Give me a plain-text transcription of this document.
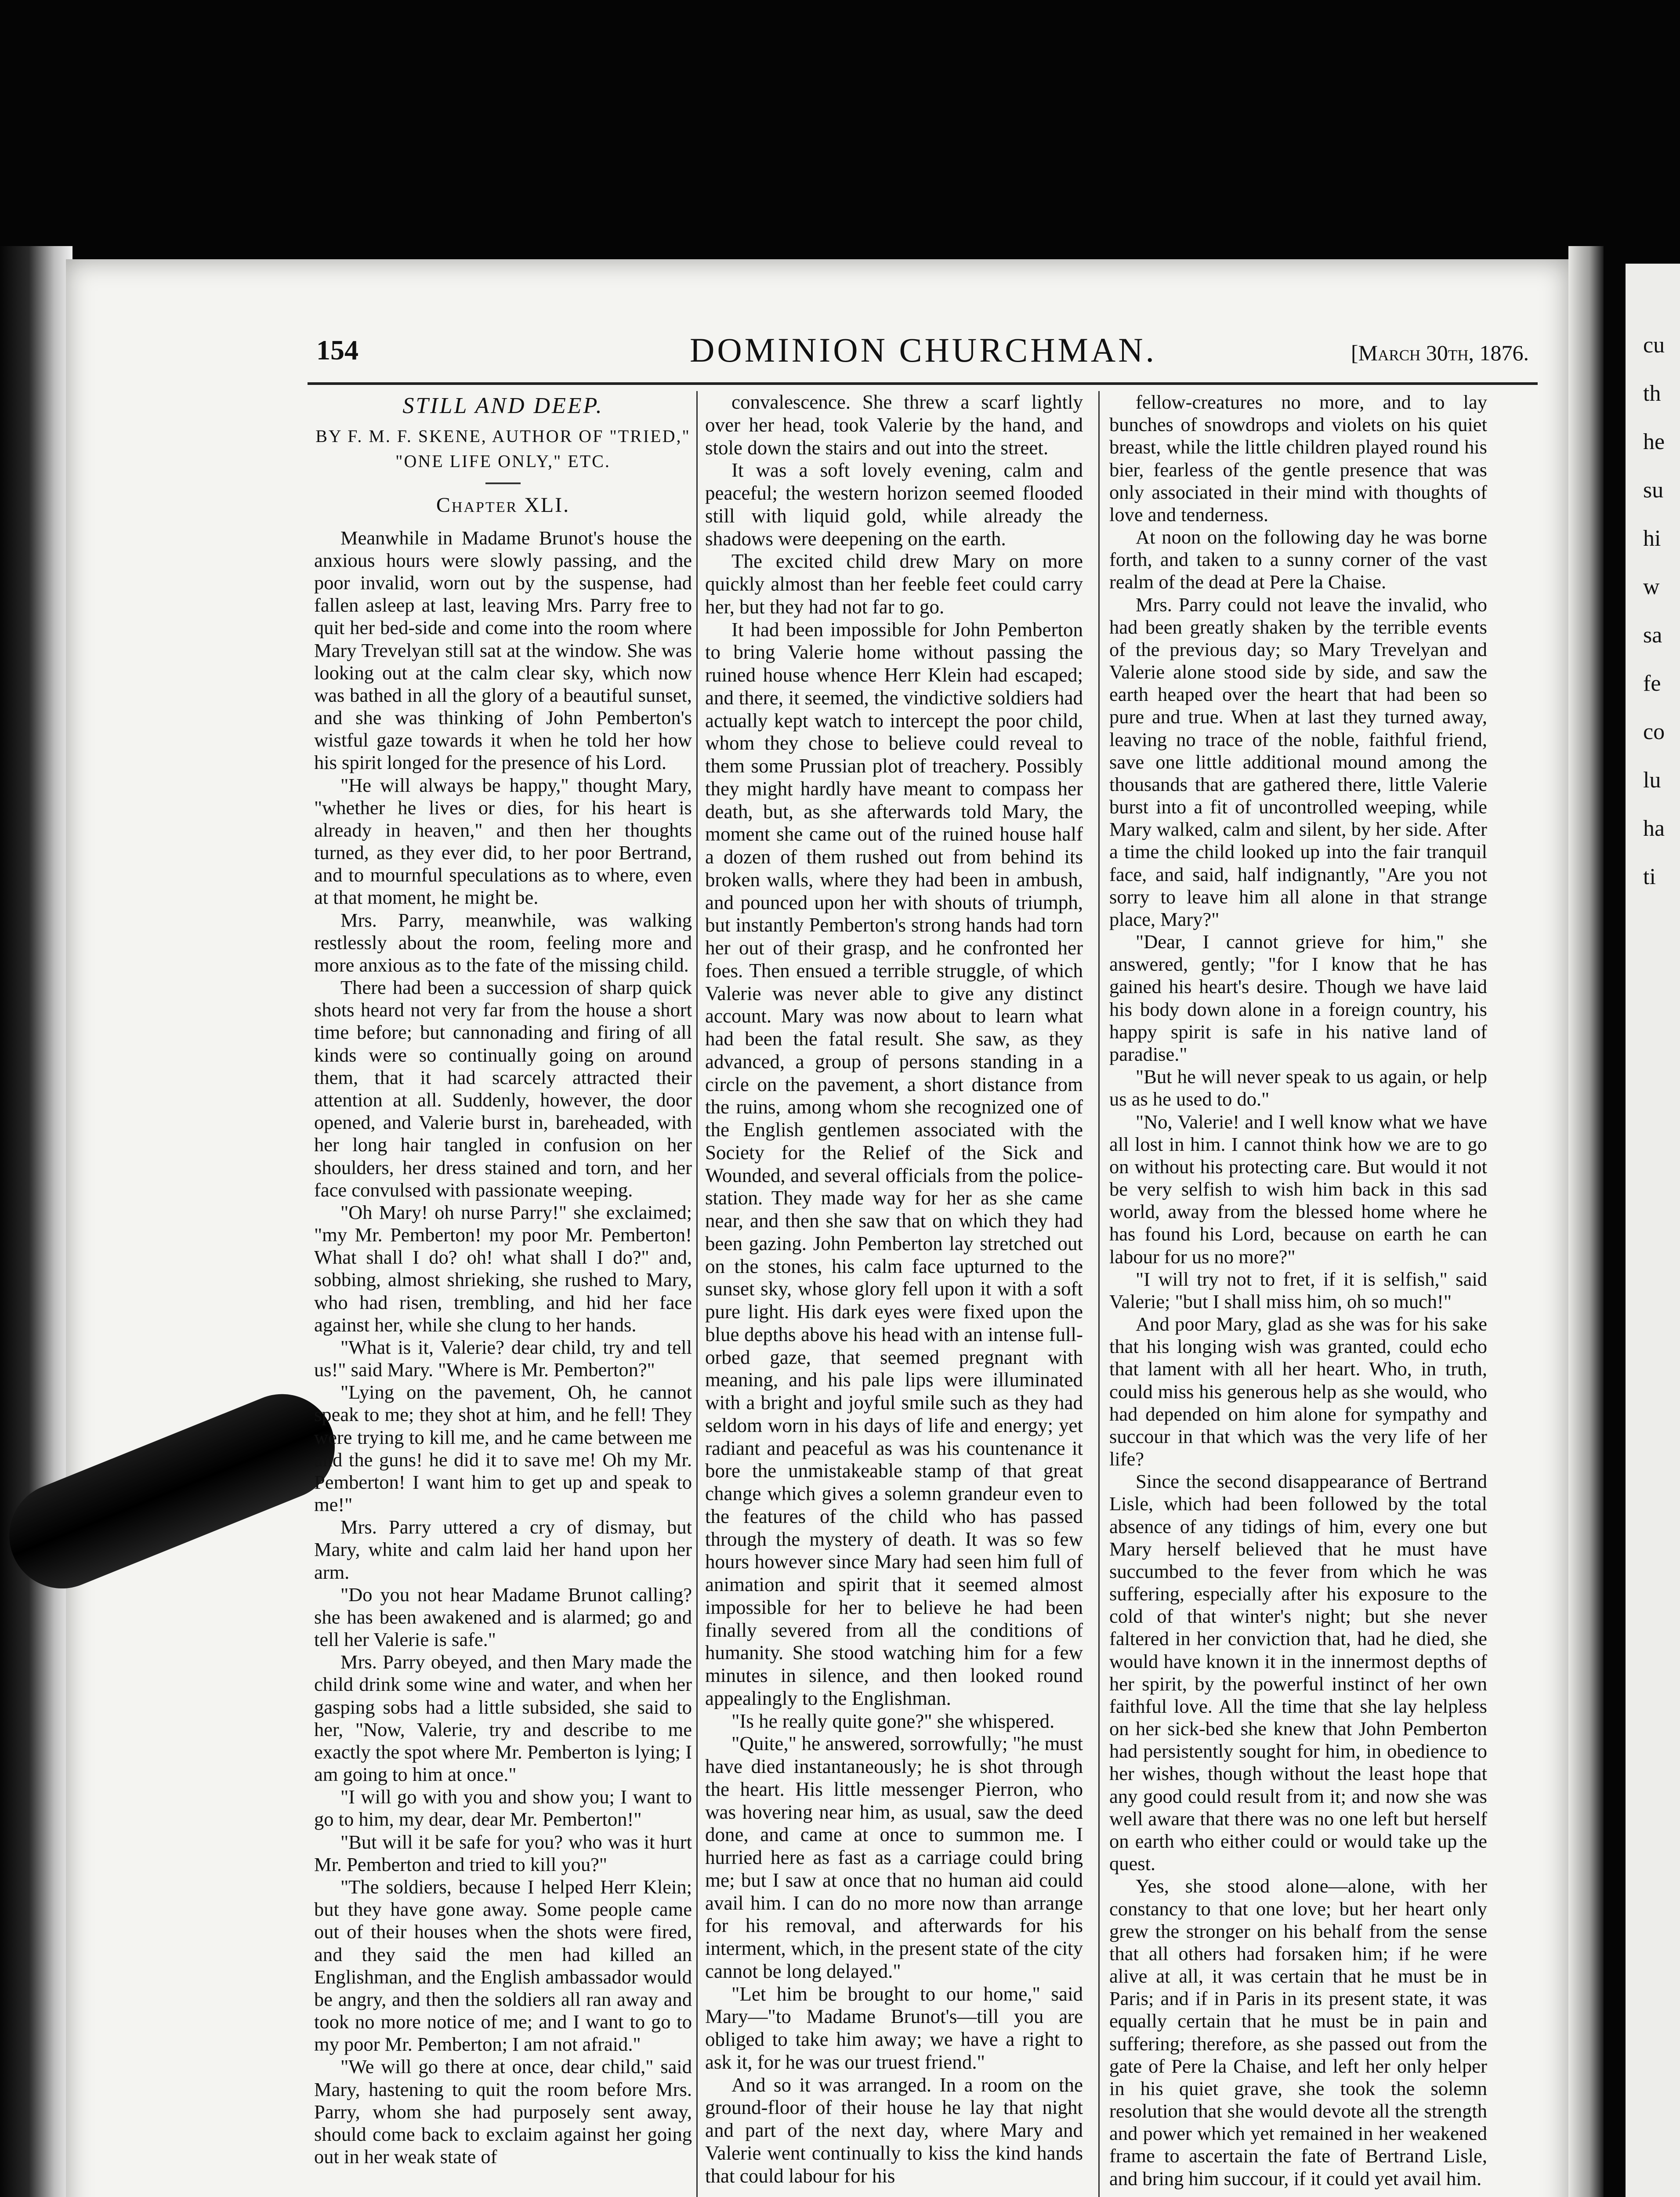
cu
th
he
su
hi
w
sa
fe
co
lu
ha
ti
154	DOMINION CHURCHMAN.	[March 30th, 1876.
STILL AND DEEP.
BY F. M. F. SKENE, AUTHOR OF "TRIED,"
"ONE LIFE ONLY," ETC.
Chapter XLI.

Meanwhile in Madame Brunot's house the anxious hours were slowly passing, and the poor invalid, worn out by the suspense, had fallen asleep at last, leaving Mrs. Parry free to quit her bed-side and come into the room where Mary Trevelyan still sat at the window. She was looking out at the calm clear sky, which now was bathed in all the glory of a beautiful sunset, and she was thinking of John Pemberton's wistful gaze towards it when he told her how his spirit longed for the presence of his Lord.

"He will always be happy," thought Mary, "whether he lives or dies, for his heart is already in heaven," and then her thoughts turned, as they ever did, to her poor Bertrand, and to mournful speculations as to where, even at that moment, he might be.

Mrs. Parry, meanwhile, was walking restlessly about the room, feeling more and more anxious as to the fate of the missing child.

There had been a succession of sharp quick shots heard not very far from the house a short time before; but cannonading and firing of all kinds were so continually going on around them, that it had scarcely attracted their attention at all. Suddenly, however, the door opened, and Valerie burst in, bareheaded, with her long hair tangled in confusion on her shoulders, her dress stained and torn, and her face convulsed with passionate weeping.

"Oh Mary! oh nurse Parry!" she exclaimed; "my Mr. Pemberton! my poor Mr. Pemberton! What shall I do? oh! what shall I do?" and, sobbing, almost shrieking, she rushed to Mary, who had risen, trembling, and hid her face against her, while she clung to her hands.

"What is it, Valerie? dear child, try and tell us!" said Mary. "Where is Mr. Pemberton?"

"Lying on the pavement, Oh, he cannot speak to me; they shot at him, and he fell! They were trying to kill me, and he came between me and the guns! he did it to save me! Oh my Mr. Pemberton! I want him to get up and speak to me!"

Mrs. Parry uttered a cry of dismay, but Mary, white and calm laid her hand upon her arm.

"Do you not hear Madame Brunot calling? she has been awakened and is alarmed; go and tell her Valerie is safe."

Mrs. Parry obeyed, and then Mary made the child drink some wine and water, and when her gasping sobs had a little subsided, she said to her, "Now, Valerie, try and describe to me exactly the spot where Mr. Pemberton is lying; I am going to him at once."

"I will go with you and show you; I want to go to him, my dear, dear Mr. Pemberton!"

"But will it be safe for you? who was it hurt Mr. Pemberton and tried to kill you?"

"The soldiers, because I helped Herr Klein; but they have gone away. Some people came out of their houses when the shots were fired, and they said the men had killed an Englishman, and the English ambassador would be angry, and then the soldiers all ran away and took no more notice of me; and I want to go to my poor Mr. Pemberton; I am not afraid."

"We will go there at once, dear child," said Mary, hastening to quit the room before Mrs. Parry, whom she had purposely sent away, should come back to exclaim against her going out in her weak state of

convalescence. She threw a scarf lightly over her head, took Valerie by the hand, and stole down the stairs and out into the street.

It was a soft lovely evening, calm and peaceful; the western horizon seemed flooded still with liquid gold, while already the shadows were deepening on the earth.

The excited child drew Mary on more quickly almost than her feeble feet could carry her, but they had not far to go.

It had been impossible for John Pemberton to bring Valerie home without passing the ruined house whence Herr Klein had escaped; and there, it seemed, the vindictive soldiers had actually kept watch to intercept the poor child, whom they chose to believe could reveal to them some Prussian plot of treachery. Possibly they might hardly have meant to compass her death, but, as she afterwards told Mary, the moment she came out of the ruined house half a dozen of them rushed out from behind its broken walls, where they had been in ambush, and pounced upon her with shouts of triumph, but instantly Pemberton's strong hands had torn her out of their grasp, and he confronted her foes. Then ensued a terrible struggle, of which Valerie was never able to give any distinct account. Mary was now about to learn what had been the fatal result. She saw, as they advanced, a group of persons standing in a circle on the pavement, a short distance from the ruins, among whom she recognized one of the English gentlemen associated with the Society for the Relief of the Sick and Wounded, and several officials from the police-station. They made way for her as she came near, and then she saw that on which they had been gazing. John Pemberton lay stretched out on the stones, his calm face upturned to the sunset sky, whose glory fell upon it with a soft pure light. His dark eyes were fixed upon the blue depths above his head with an intense full-orbed gaze, that seemed pregnant with meaning, and his pale lips were illuminated with a bright and joyful smile such as they had seldom worn in his days of life and energy; yet radiant and peaceful as was his countenance it bore the unmistakeable stamp of that great change which gives a solemn grandeur even to the features of the child who has passed through the mystery of death. It was so few hours however since Mary had seen him full of animation and spirit that it seemed almost impossible for her to believe he had been finally severed from all the conditions of humanity. She stood watching him for a few minutes in silence, and then looked round appealingly to the Englishman.

"Is he really quite gone?" she whispered.

"Quite," he answered, sorrowfully; "he must have died instantaneously; he is shot through the heart. His little messenger Pierron, who was hovering near him, as usual, saw the deed done, and came at once to summon me. I hurried here as fast as a carriage could bring me; but I saw at once that no human aid could avail him. I can do no more now than arrange for his removal, and afterwards for his interment, which, in the present state of the city cannot be long delayed."

"Let him be brought to our home," said Mary—"to Madame Brunot's—till you are obliged to take him away; we have a right to ask it, for he was our truest friend."

And so it was arranged. In a room on the ground-floor of their house he lay that night and part of the next day, where Mary and Valerie went continually to kiss the kind hands that could labour for his

fellow-creatures no more, and to lay bunches of snowdrops and violets on his quiet breast, while the little children played round his bier, fearless of the gentle presence that was only associated in their mind with thoughts of love and tenderness.

At noon on the following day he was borne forth, and taken to a sunny corner of the vast realm of the dead at Pere la Chaise.

Mrs. Parry could not leave the invalid, who had been greatly shaken by the terrible events of the previous day; so Mary Trevelyan and Valerie alone stood side by side, and saw the earth heaped over the heart that had been so pure and true. When at last they turned away, leaving no trace of the noble, faithful friend, save one little additional mound among the thousands that are gathered there, little Valerie burst into a fit of uncontrolled weeping, while Mary walked, calm and silent, by her side. After a time the child looked up into the fair tranquil face, and said, half indignantly, "Are you not sorry to leave him all alone in that strange place, Mary?"

"Dear, I cannot grieve for him," she answered, gently; "for I know that he has gained his heart's desire. Though we have laid his body down alone in a foreign country, his happy spirit is safe in his native land of paradise."

"But he will never speak to us again, or help us as he used to do."

"No, Valerie! and I well know what we have all lost in him. I cannot think how we are to go on without his protecting care. But would it not be very selfish to wish him back in this sad world, away from the blessed home where he has found his Lord, because on earth he can labour for us no more?"

"I will try not to fret, if it is selfish," said Valerie; "but I shall miss him, oh so much!"

And poor Mary, glad as she was for his sake that his longing wish was granted, could echo that lament with all her heart. Who, in truth, could miss his generous help as she would, who had depended on him alone for sympathy and succour in that which was the very life of her life?

Since the second disappearance of Bertrand Lisle, which had been followed by the total absence of any tidings of him, every one but Mary herself believed that he must have succumbed to the fever from which he was suffering, especially after his exposure to the cold of that winter's night; but she never faltered in her conviction that, had he died, she would have known it in the innermost depths of her spirit, by the powerful instinct of her own faithful love. All the time that she lay helpless on her sick-bed she knew that John Pemberton had persistently sought for him, in obedience to her wishes, though without the least hope that any good could result from it; and now she was well aware that there was no one left but herself on earth who either could or would take up the quest.

Yes, she stood alone—alone, with her constancy to that one love; but her heart only grew the stronger on his behalf from the sense that all others had forsaken him; if he were alive at all, it was certain that he must be in Paris; and if in Paris in its present state, it was equally certain that he must be in pain and suffering; therefore, as she passed out from the gate of Pere la Chaise, and left her only helper in his quiet grave, she took the solemn resolution that she would devote all the strength and power which yet remained in her weakened frame to ascertain the fate of Bertrand Lisle, and bring him succour, if it could yet avail him.
